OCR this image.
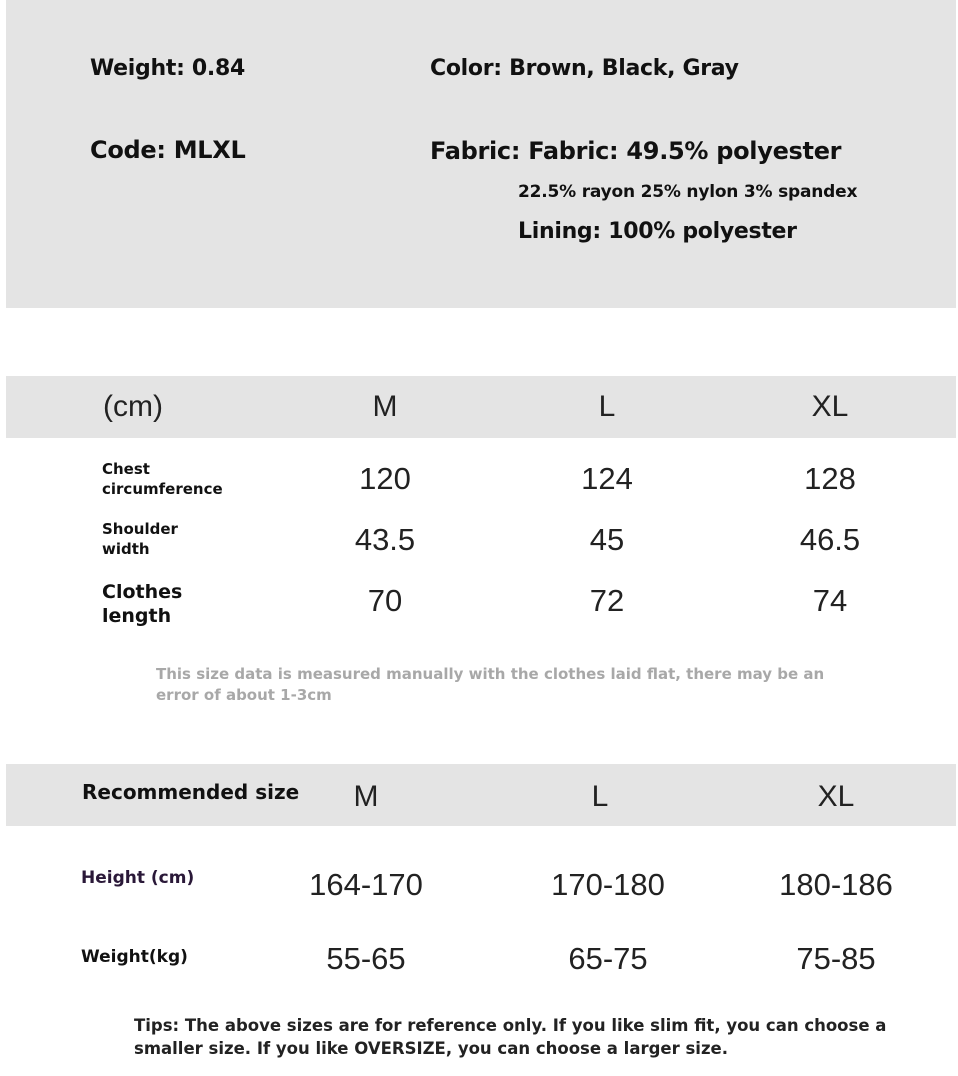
Weight: 0.84	Color: Brown, Black, Gray
Code: MLXL	Fabric: Fabric: 49.5% polyester
22.5% rayon 25% nylon 3% spandex
Lining: 100% polyester
(cm)	M	L	XL
Chest
circumference	120	124	128
Shoulder
width	43.5	45	46.5
Clothes
length	70	72	74
This size data is measured manually with the clothes laid flat, there may be an
error of about 1-3cm
Recommended size	M	L	XL
Height (cm)	164-170	170-180	180-186
Weight(kg)	55-65	65-75	75-85
Tips: The above sizes are for reference only. If you like slim fit, you can choose a
smaller size. If you like OVERSIZE, you can choose a larger size.
